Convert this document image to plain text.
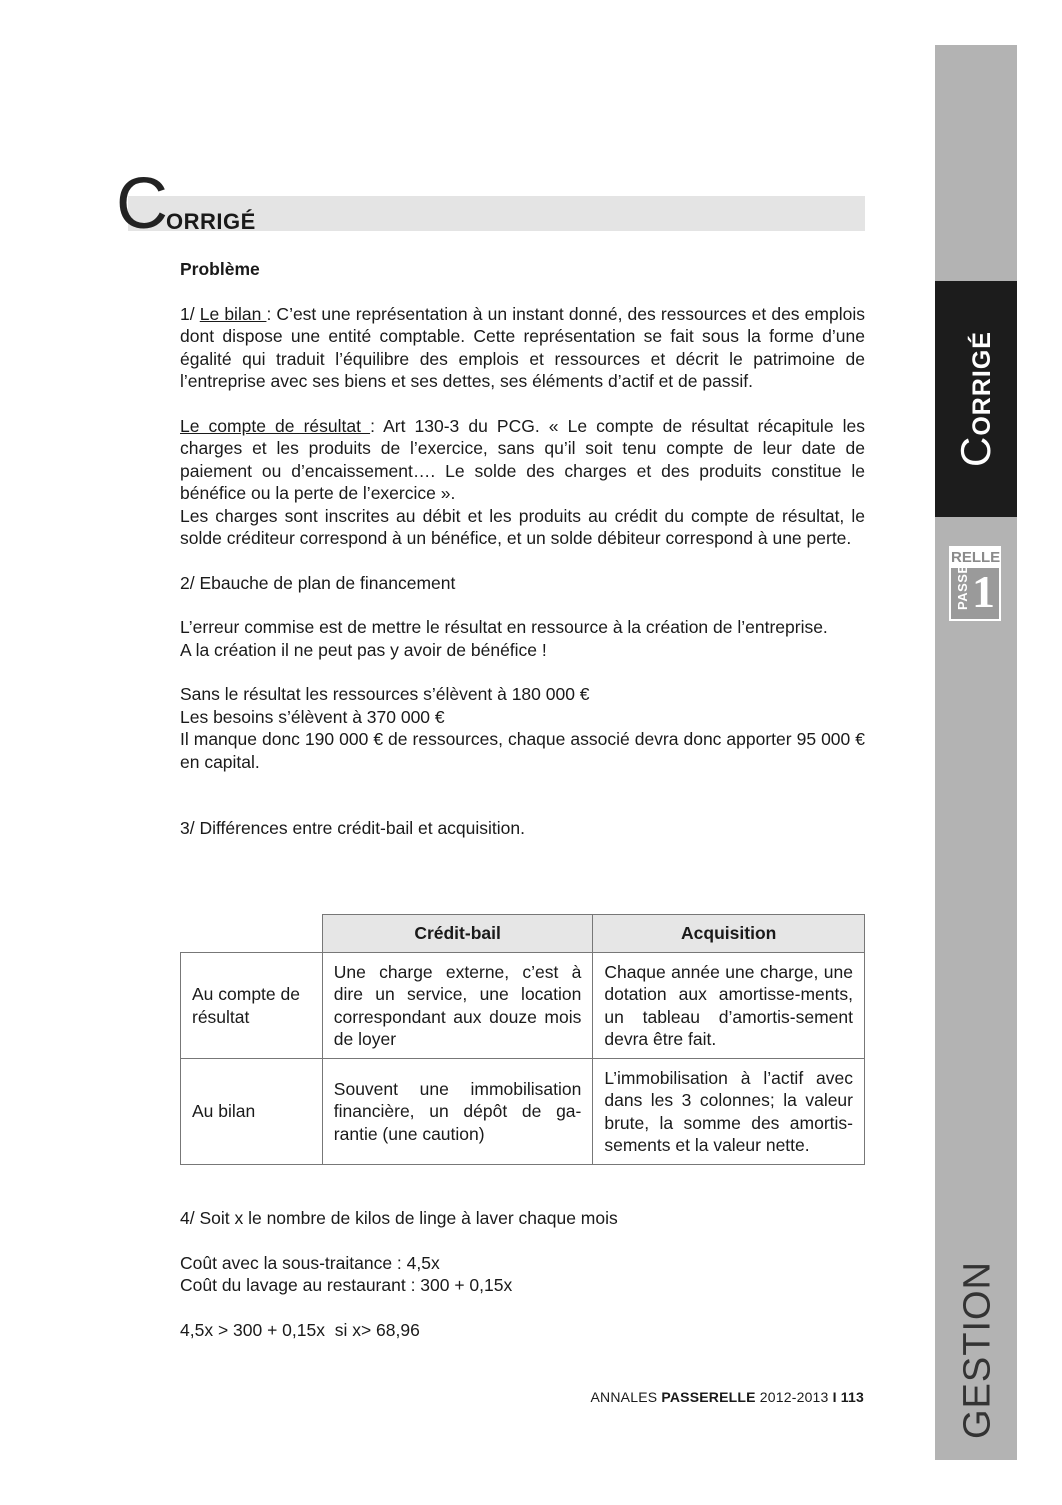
CORRIGÉ
RELLE
PASSE 1
GESTION
C
ORRIGÉ

Problème

1/ Le bilan : C’est une représentation à un instant donné, des ressources et des emplois dont dispose une entité comptable. Cette représentation se fait sous la forme d’une égalité qui traduit l’équilibre des emplois et ressources et décrit le patrimoine de l’entreprise avec ses biens et ses dettes, ses éléments d’actif et de passif.

Le compte de résultat : Art 130-3 du PCG. « Le compte de résultat récapitule les charges et les produits de l’exercice, sans qu’il soit tenu compte de leur date de paiement ou d’encaissement…. Le solde des charges et des produits constitue le bénéfice ou la perte de l’exercice ».

Les charges sont inscrites au débit et les produits au crédit du compte de résultat, le solde créditeur correspond à un bénéfice, et un solde débiteur correspond à une perte.

2/ Ebauche de plan de financement

L’erreur commise est de mettre le résultat en ressource à la création de l’entreprise.

A la création il ne peut pas y avoir de bénéfice !

Sans le résultat les ressources s’élèvent à 180 000 €

Les besoins s’élèvent à 370 000 €

Il manque donc 190 000 € de ressources, chaque associé devra donc apporter 95 000 € en capital.

3/ Différences entre crédit-bail et acquisition.

	Crédit-bail	Acquisition
Au compte de résultat	Une charge externe, c’est à dire un service, une location correspondant aux douze mois de loyer	Chaque année une charge, une dotation aux amortisse-ments, un tableau d’amortis-sement devra être fait.
Au bilan	Souvent une immobilisation financière, un dépôt de ga-rantie (une caution)	L’immobilisation à l’actif avec dans les 3 colonnes; la valeur brute, la somme des amortis-sements et la valeur nette.

4/ Soit x le nombre de kilos de linge à laver chaque mois

Coût avec la sous-traitance : 4,5x

Coût du lavage au restaurant : 300 + 0,15x

4,5x > 300 + 0,15x  si x> 68,96

ANNALES PASSERELLE 2012-2013 I 113
